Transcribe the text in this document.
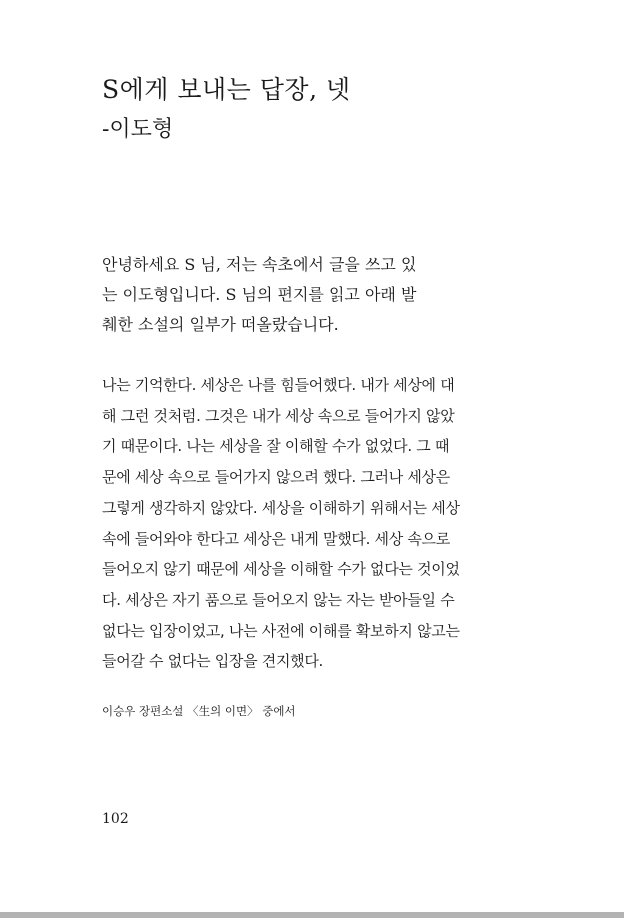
S에게 보내는 답장, 넷
-이도형

안녕하세요 S 님, 저는 속초에서 글을 쓰고 있
는 이도형입니다. S 님의 편지를 읽고 아래 발
췌한 소설의 일부가 떠올랐습니다.

나는 기억한다. 세상은 나를 힘들어했다. 내가 세상에 대
해 그런 것처럼. 그것은 내가 세상 속으로 들어가지 않았
기 때문이다. 나는 세상을 잘 이해할 수가 없었다. 그 때
문에 세상 속으로 들어가지 않으려 했다. 그러나 세상은
그렇게 생각하지 않았다. 세상을 이해하기 위해서는 세상
속에 들어와야 한다고 세상은 내게 말했다. 세상 속으로
들어오지 않기 때문에 세상을 이해할 수가 없다는 것이었
다. 세상은 자기 품으로 들어오지 않는 자는 받아들일 수
없다는 입장이었고, 나는 사전에 이해를 확보하지 않고는
들어갈 수 없다는 입장을 견지했다.

이승우 장편소설 〈生의 이면〉 중에서

102
